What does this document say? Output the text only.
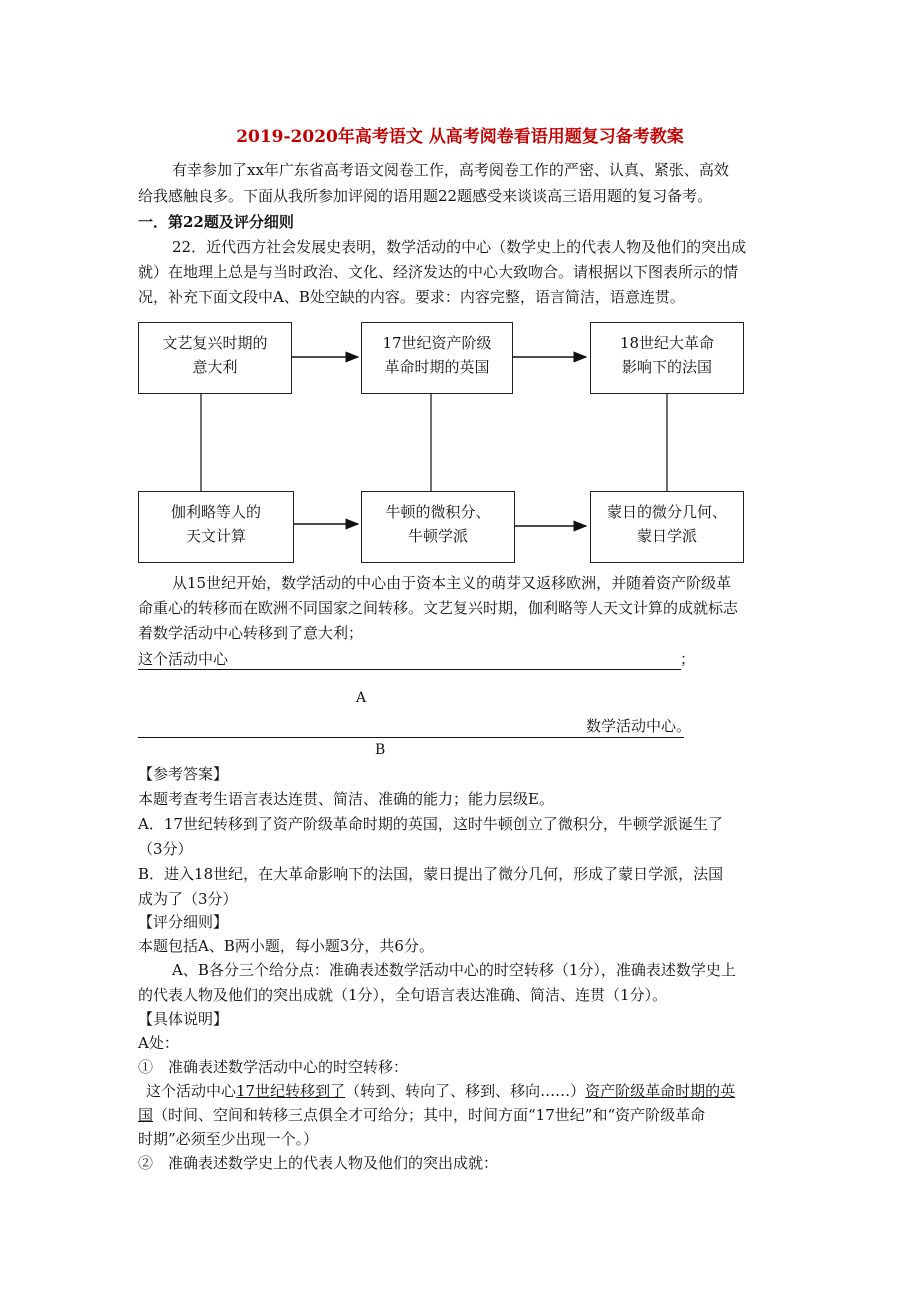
2019-2020年高考语文 从高考阅卷看语用题复习备考教案
有幸参加了xx年广东省高考语文阅卷工作，高考阅卷工作的严密、认真、紧张、高效
给我感触良多。下面从我所参加评阅的语用题22题感受来谈谈高三语用题的复习备考。
一．第22题及评分细则
22．近代西方社会发展史表明，数学活动的中心（数学史上的代表人物及他们的突出成
就）在地理上总是与当时政治、文化、经济发达的中心大致吻合。请根据以下图表所示的情
况，补充下面文段中A、B处空缺的内容。要求：内容完整，语言简洁，语意连贯。
文艺复兴时期的
意大利
17世纪资产阶级
革命时期的英国
18世纪大革命
影响下的法国
伽利略等人的
天文计算
牛顿的微积分、
牛顿学派
蒙日的微分几何、
蒙日学派
从15世纪开始，数学活动的中心由于资本主义的萌芽又返移欧洲，并随着资产阶级革
命重心的转移而在欧洲不同国家之间转移。文艺复兴时期，伽利略等人天文计算的成就标志
着数学活动中心转移到了意大利；
这个活动中心	；
A
数学活动中心。
B
【参考答案】
本题考查考生语言表达连贯、简洁、准确的能力；能力层级E。
A．17世纪转移到了资产阶级革命时期的英国，这时牛顿创立了微积分，牛顿学派诞生了
（3分）
B．进入18世纪，在大革命影响下的法国，蒙日提出了微分几何，形成了蒙日学派，法国
成为了（3分）
【评分细则】
本题包括A、B两小题，每小题3分，共6分。
A、B各分三个给分点：准确表述数学活动中心的时空转移（1分），准确表述数学史上
的代表人物及他们的突出成就（1分），全句语言表达准确、简洁、连贯（1分）。
【具体说明】
A处：
①　准确表述数学活动中心的时空转移：
这个活动中心17世纪转移到了（转到、转向了、移到、移向……）资产阶级革命时期的英
国（时间、空间和转移三点俱全才可给分；其中，时间方面“17世纪”和“资产阶级革命
时期”必须至少出现一个。）
②　准确表述数学史上的代表人物及他们的突出成就：
